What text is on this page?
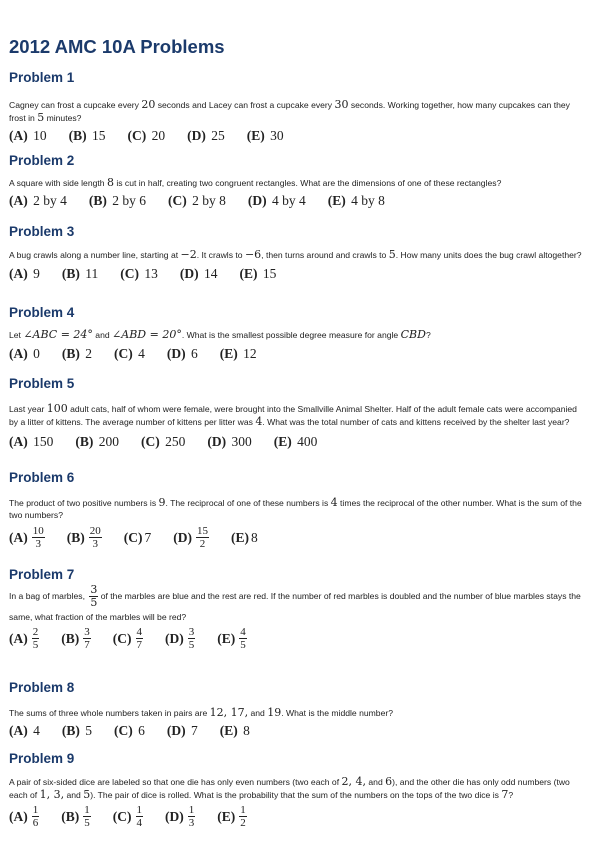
2012 AMC 10A Problems
Problem 1

Cagney can frost a cupcake every 20 seconds and Lacey can frost a cupcake every 30 seconds. Working together, how many cupcakes can they frost in 5 minutes?

(A) 10 (B) 15 (C) 20 (D) 25 (E) 30
Problem 2

A square with side length 8 is cut in half, creating two congruent rectangles. What are the dimensions of one of these rectangles?

(A) 2 by 4 (B) 2 by 6 (C) 2 by 8 (D) 4 by 4 (E) 4 by 8
Problem 3

A bug crawls along a number line, starting at −2. It crawls to −6, then turns around and crawls to 5. How many units does the bug crawl altogether?

(A) 9 (B) 11 (C) 13 (D) 14 (E) 15
Problem 4

Let ∠ABC = 24° and ∠ABD = 20°. What is the smallest possible degree measure for angle CBD?

(A) 0 (B) 2 (C) 4 (D) 6 (E) 12
Problem 5

Last year 100 adult cats, half of whom were female, were brought into the Smallville Animal Shelter. Half of the adult female cats were accompanied by a litter of kittens. The average number of kittens per litter was 4. What was the total number of cats and kittens received by the shelter last year?

(A) 150 (B) 200 (C) 250 (D) 300 (E) 400
Problem 6

The product of two positive numbers is 9. The reciprocal of one of these numbers is 4 times the reciprocal of the other number. What is the sum of the two numbers?

$(A) \frac{10}{3} (B) \frac{20}{3} (C)$ 7 $(D) \frac{15}{2} (E)$ 8
Problem 7

In a bag of marbles, $\frac{3}{5}$ of the marbles are blue and the rest are red. If the number of red marbles is doubled and the number of blue marbles stays the same, what fraction of the marbles will be red?

$(A) \frac{2}{5} (B) \frac{3}{7} (C) \frac{4}{7} (D) \frac{3}{5} (E) \frac{4}{5}$
Problem 8

The sums of three whole numbers taken in pairs are 12, 17, and 19. What is the middle number?

(A) 4 (B) 5 (C) 6 (D) 7 (E) 8
Problem 9

A pair of six-sided dice are labeled so that one die has only even numbers (two each of 2, 4, and 6), and the other die has only odd numbers (two each of 1, 3, and 5). The pair of dice is rolled. What is the probability that the sum of the numbers on the tops of the two dice is 7?

$(A) \frac{1}{6} (B) \frac{1}{5} (C) \frac{1}{4} (D) \frac{1}{3} (E) \frac{1}{2}$
